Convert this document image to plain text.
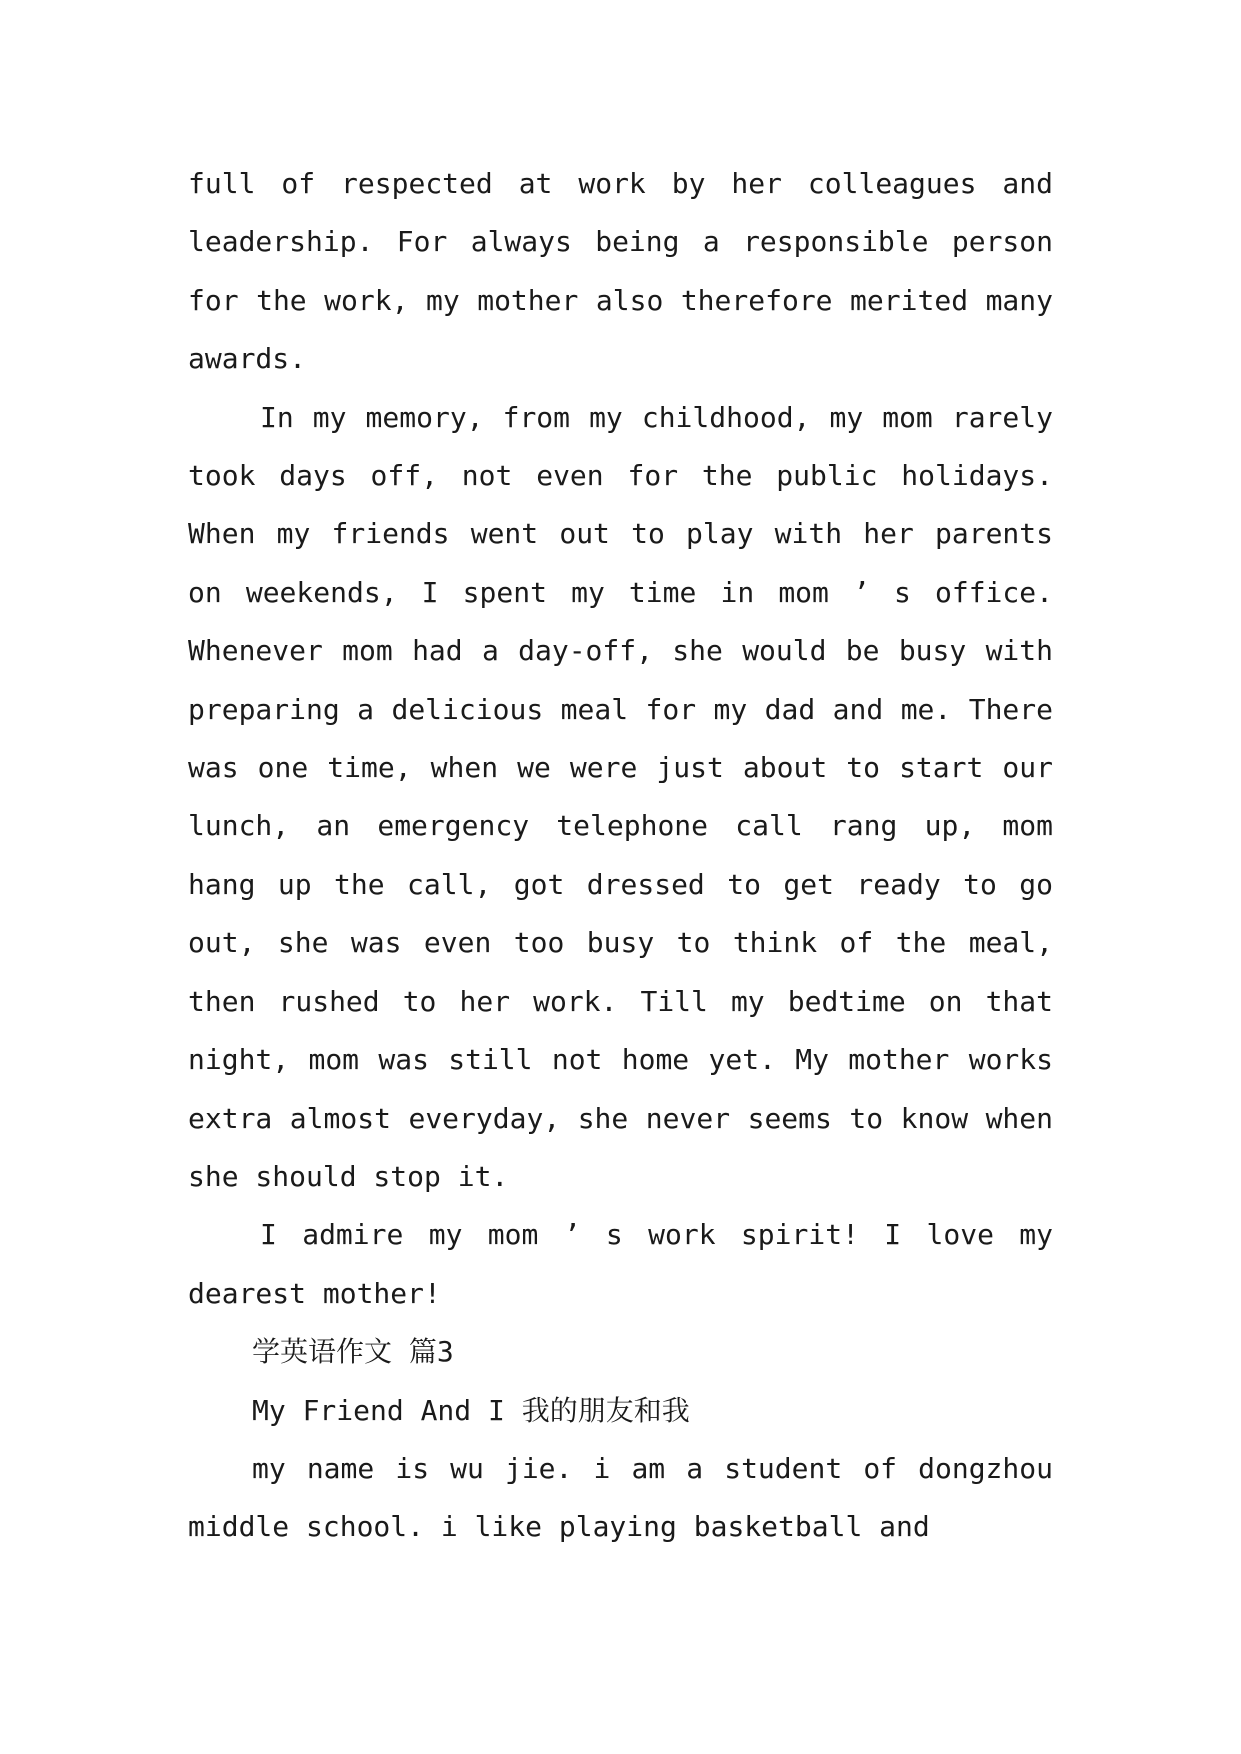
full of respected at work by her colleagues and leadership. For always being a responsible person for the work, my mother also therefore merited many awards.

In my memory, from my childhood, my mom rarely took days off, not even for the public holidays. When my friends went out to play with her parents on weekends, I spent my time in mom ’ s office. Whenever mom had a day-off, she would be busy with preparing a delicious meal for my dad and me. There was one time, when we were just about to start our lunch, an emergency telephone call rang up, mom hang up the call, got dressed to get ready to go out, she was even too busy to think of the meal, then rushed to her work. Till my bedtime on that night, mom was still not home yet. My mother works extra almost everyday, she never seems to know when she should stop it.

I admire my mom ’ s work spirit! I love my dearest mother!

学英语作文 篇3

My Friend And I 我的朋友和我

my name is wu jie. i am a student of dongzhou middle school. i like playing basketball and
